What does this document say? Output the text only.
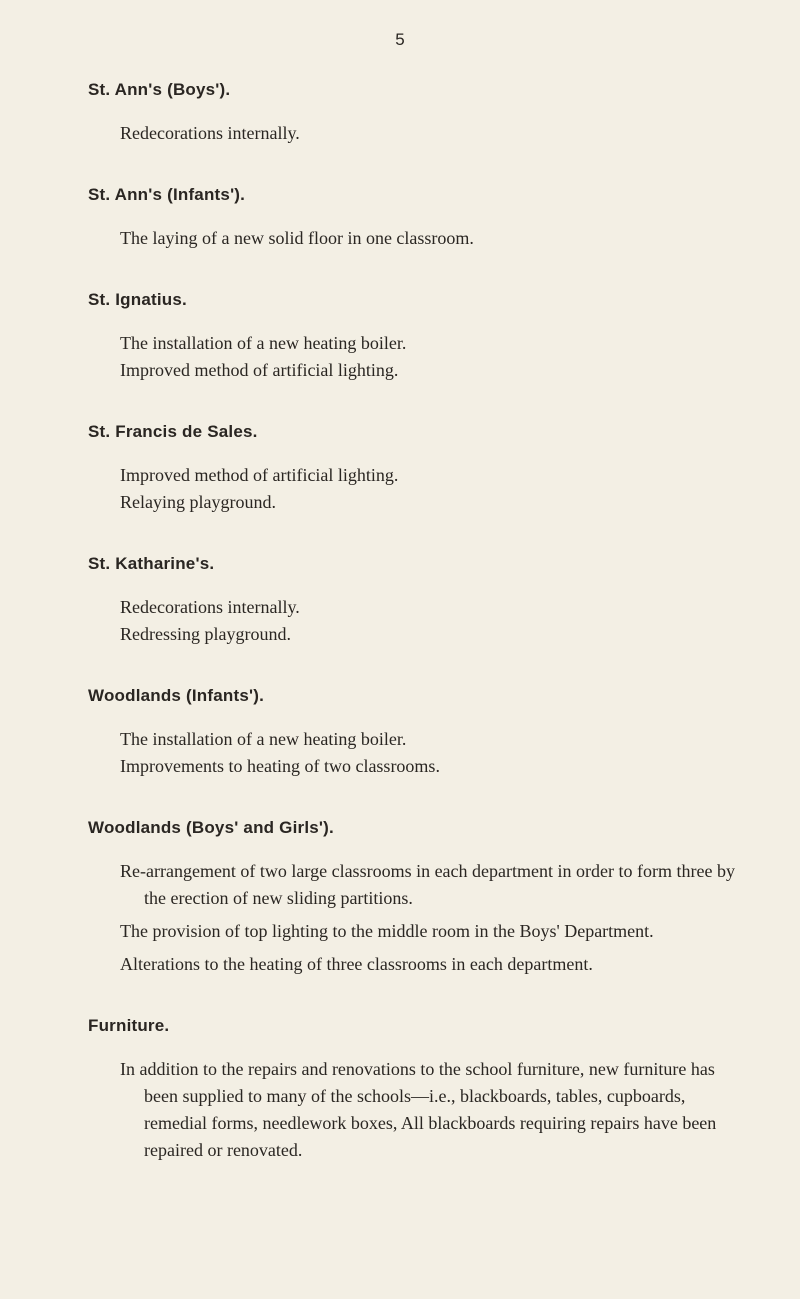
5
St. Ann's (Boys').
Redecorations internally.
St. Ann's (Infants').
The laying of a new solid floor in one classroom.
St. Ignatius.
The installation of a new heating boiler.
Improved method of artificial lighting.
St. Francis de Sales.
Improved method of artificial lighting.
Relaying playground.
St. Katharine's.
Redecorations internally.
Redressing playground.
Woodlands (Infants').
The installation of a new heating boiler.
Improvements to heating of two classrooms.
Woodlands (Boys' and Girls').
Re-arrangement of two large classrooms in each department in order to form three by the erection of new sliding partitions.
The provision of top lighting to the middle room in the Boys' Department.
Alterations to the heating of three classrooms in each department.
Furniture.
In addition to the repairs and renovations to the school furniture, new furniture has been supplied to many of the schools—i.e., blackboards, tables, cupboards, remedial forms, needlework boxes, All blackboards requiring repairs have been repaired or renovated.
